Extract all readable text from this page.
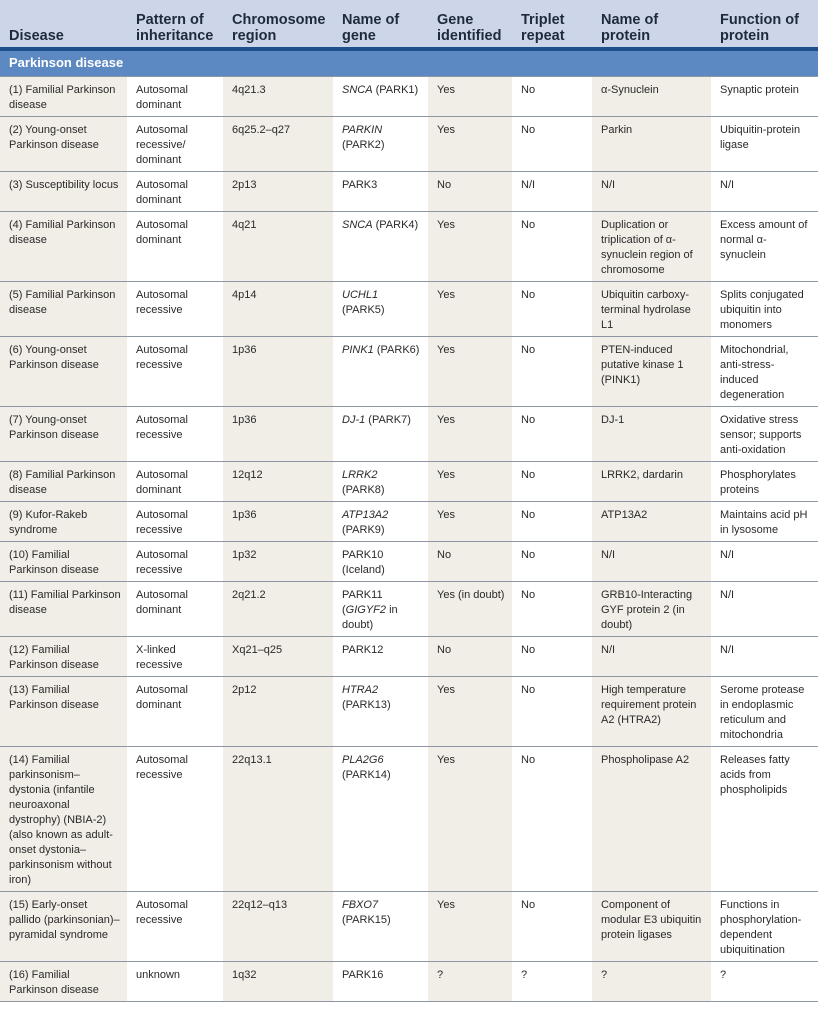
Disease	Pattern of inheritance	Chromosome region	Name of gene	Gene identified	Triplet repeat	Name of protein	Function of protein
Parkinson disease							
(1) Familial Parkinson disease	Autosomal dominant	4q21.3	SNCA (PARK1)	Yes	No	α-Synuclein	Synaptic protein
(2) Young-onset Parkinson disease	Autosomal recessive/ dominant	6q25.2–q27	PARKIN (PARK2)	Yes	No	Parkin	Ubiquitin-protein ligase
(3) Susceptibility locus	Autosomal dominant	2p13	PARK3	No	N/I	N/I	N/I
(4) Familial Parkinson disease	Autosomal dominant	4q21	SNCA (PARK4)	Yes	No	Duplication or triplication of α-synuclein region of chromosome	Excess amount of normal α-synuclein
(5) Familial Parkinson disease	Autosomal recessive	4p14	UCHL1 (PARK5)	Yes	No	Ubiquitin carboxy-terminal hydrolase L1	Splits conjugated ubiquitin into monomers
(6) Young-onset Parkinson disease	Autosomal recessive	1p36	PINK1 (PARK6)	Yes	No	PTEN-induced putative kinase 1 (PINK1)	Mitochondrial, anti-stress-induced degeneration
(7) Young-onset Parkinson disease	Autosomal recessive	1p36	DJ-1 (PARK7)	Yes	No	DJ-1	Oxidative stress sensor; supports anti-oxidation
(8) Familial Parkinson disease	Autosomal dominant	12q12	LRRK2 (PARK8)	Yes	No	LRRK2, dardarin	Phosphorylates proteins
(9) Kufor-Rakeb syndrome	Autosomal recessive	1p36	ATP13A2 (PARK9)	Yes	No	ATP13A2	Maintains acid pH in lysosome
(10) Familial Parkinson disease	Autosomal recessive	1p32	PARK10 (Iceland)	No	No	N/I	N/I
(11) Familial Parkinson disease	Autosomal dominant	2q21.2	PARK11 (GIGYF2 in doubt)	Yes (in doubt)	No	GRB10-Interacting GYF protein 2 (in doubt)	N/I
(12) Familial Parkinson disease	X-linked recessive	Xq21–q25	PARK12	No	No	N/I	N/I
(13) Familial Parkinson disease	Autosomal dominant	2p12	HTRA2 (PARK13)	Yes	No	High temperature requirement protein A2 (HTRA2)	Serome protease in endoplasmic reticulum and mitochondria
(14) Familial parkinsonism– dystonia (infantile neuroaxonal dystrophy) (NBIA-2) (also known as adult-onset dystonia– parkinsonism without iron)	Autosomal recessive	22q13.1	PLA2G6 (PARK14)	Yes	No	Phospholipase A2	Releases fatty acids from phospholipids
(15) Early-onset pallido (parkinsonian)– pyramidal syndrome	Autosomal recessive	22q12–q13	FBXO7 (PARK15)	Yes	No	Component of modular E3 ubiquitin protein ligases	Functions in phosphorylation-dependent ubiquitination
(16) Familial Parkinson disease	unknown	1q32	PARK16	?	?	?	?
